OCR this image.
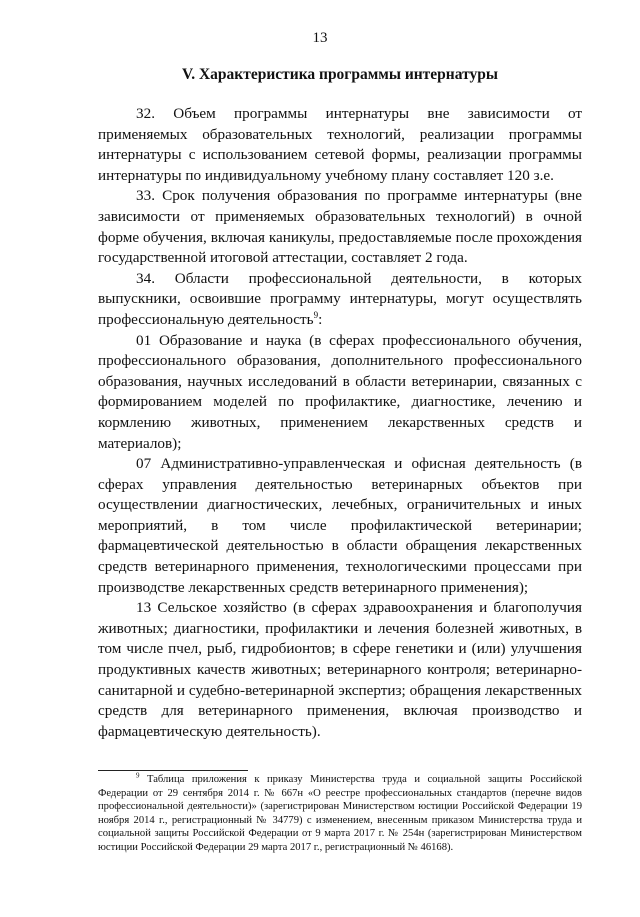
13
V. Характеристика программы интернатуры

32. Объем программы интернатуры вне зависимости от применяемых образовательных технологий, реализации программы интернатуры с использованием сетевой формы, реализации программы интернатуры по индивидуальному учебному плану составляет 120 з.е.

33. Срок получения образования по программе интернатуры (вне зависимости от применяемых образовательных технологий) в очной форме обучения, включая каникулы, предоставляемые после прохождения государственной итоговой аттестации, составляет 2 года.

34. Области профессиональной деятельности, в которых выпускники, освоившие программу интернатуры, могут осуществлять профессиональную деятельность$^9$:

01 Образование и наука (в сферах профессионального обучения, профессионального образования, дополнительного профессионального образования, научных исследований в области ветеринарии, связанных с формированием моделей по профилактике, диагностике, лечению и кормлению животных, применением лекарственных средств и материалов);

07 Административно-управленческая и офисная деятельность (в сферах управления деятельностью ветеринарных объектов при осуществлении диагностических, лечебных, ограничительных и иных мероприятий, в том числе профилактической ветеринарии; фармацевтической деятельностью в области обращения лекарственных средств ветеринарного применения, технологическими процессами при производстве лекарственных средств ветеринарного применения);

13 Сельское хозяйство (в сферах здравоохранения и благополучия животных; диагностики, профилактики и лечения болезней животных, в том числе пчел, рыб, гидробионтов; в сфере генетики и (или) улучшения продуктивных качеств животных; ветеринарного контроля; ветеринарно-санитарной и судебно-ветеринарной экспертиз; обращения лекарственных средств для ветеринарного применения, включая производство и фармацевтическую деятельность).

$^9$ Таблица приложения к приказу Министерства труда и социальной защиты Российской Федерации от 29 сентября 2014 г. № 667н «О реестре профессиональных стандартов (перечне видов профессиональной деятельности)» (зарегистрирован Министерством юстиции Российской Федерации 19 ноября 2014 г., регистрационный № 34779) с изменением, внесенным приказом Министерства труда и социальной защиты Российской Федерации от 9 марта 2017 г. № 254н (зарегистрирован Министерством юстиции Российской Федерации 29 марта 2017 г., регистрационный № 46168).
